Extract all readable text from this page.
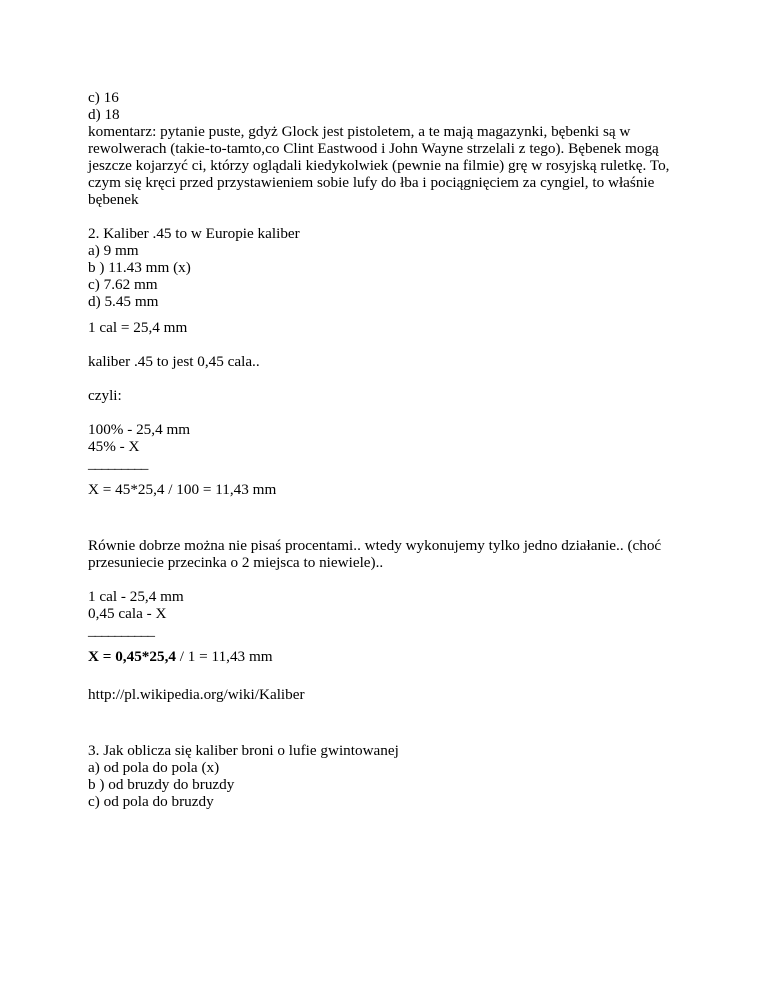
c) 16
d) 18
komentarz: pytanie puste, gdyż Glock jest pistoletem, a te mają magazynki, bębenki są w rewolwerach (takie-to-tamto,co Clint Eastwood i John Wayne strzelali z tego). Bębenek mogą jeszcze kojarzyć ci, którzy oglądali kiedykolwiek (pewnie na filmie) grę w rosyjską ruletkę. To, czym się kręci przed przystawieniem sobie lufy do łba i pociągnięciem za cyngiel, to właśnie bębenek
2. Kaliber .45 to w Europie kaliber
a) 9 mm
b ) 11.43 mm (x)
c) 7.62 mm
d) 5.45 mm
1 cal = 25,4 mm
kaliber .45 to jest 0,45 cala..
czyli:
100% - 25,4 mm
45% - X
_________
X = 45*25,4 / 100 = 11,43 mm
Równie dobrze można nie pisaś procentami.. wtedy wykonujemy tylko jedno działanie.. (choć przesuniecie przecinka o 2 miejsca to niewiele)..
1 cal - 25,4 mm
0,45 cala - X
__________
X = 0,45*25,4 / 1 = 11,43 mm
http://pl.wikipedia.org/wiki/Kaliber
3. Jak oblicza się kaliber broni o lufie gwintowanej
a) od pola do pola (x)
b ) od bruzdy do bruzdy
c) od pola do bruzdy
